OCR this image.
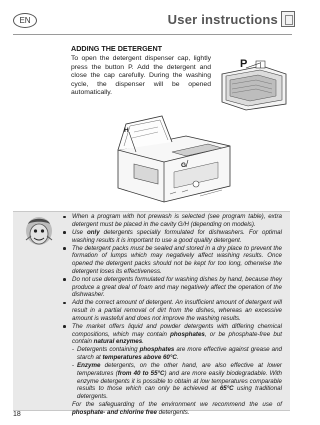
EN	User instructions
ADDING THE DETERGENT
To open the detergent dispenser cap, lightly press the button P. Add the detergent and close the cap carefully. During the washing cycle, the dispenser will be opened automatically.
P
H
G
When a program with hot prewash is selected (see program table), extra detergent must be placed in the cavity G/H (depending on models).
Use only detergents specially formulated for dishwashers. For optimal washing results it is important to use a good quality detergent.
The detergent packs must be sealed and stored in a dry place to prevent the formation of lumps which may negatively affect washing results. Once opened the detergent packs should not be kept for too long, otherwise the detergent loses its effectiveness.
Do not use detergents formulated for washing dishes by hand, because they produce a great deal of foam and may negatively affect the operation of the dishwasher.
Add the correct amount of detergent. An insufficient amount of detergent will result in a partial removal of dirt from the dishes, whereas an excessive amount is wasteful and does not improve the washing results.
The market offers liquid and powder detergents with differing chemical compositions, which may contain phosphates, or be phosphate-free but contain natural enzymes.
- Detergents containing phosphates are more effective against grease and starch at temperatures above 60°C.
- Enzyme detergents, on the other hand, are also effective at lower temperatures (from 40 to 55°C) and are more easily biodegradable. With enzyme detergents it is possible to obtain at low temperatures comparable results to those which can only be achieved at 65°C using traditional detergents.
For the safeguarding of the environment we recommend the use of phosphate- and chlorine free detergents.
18
